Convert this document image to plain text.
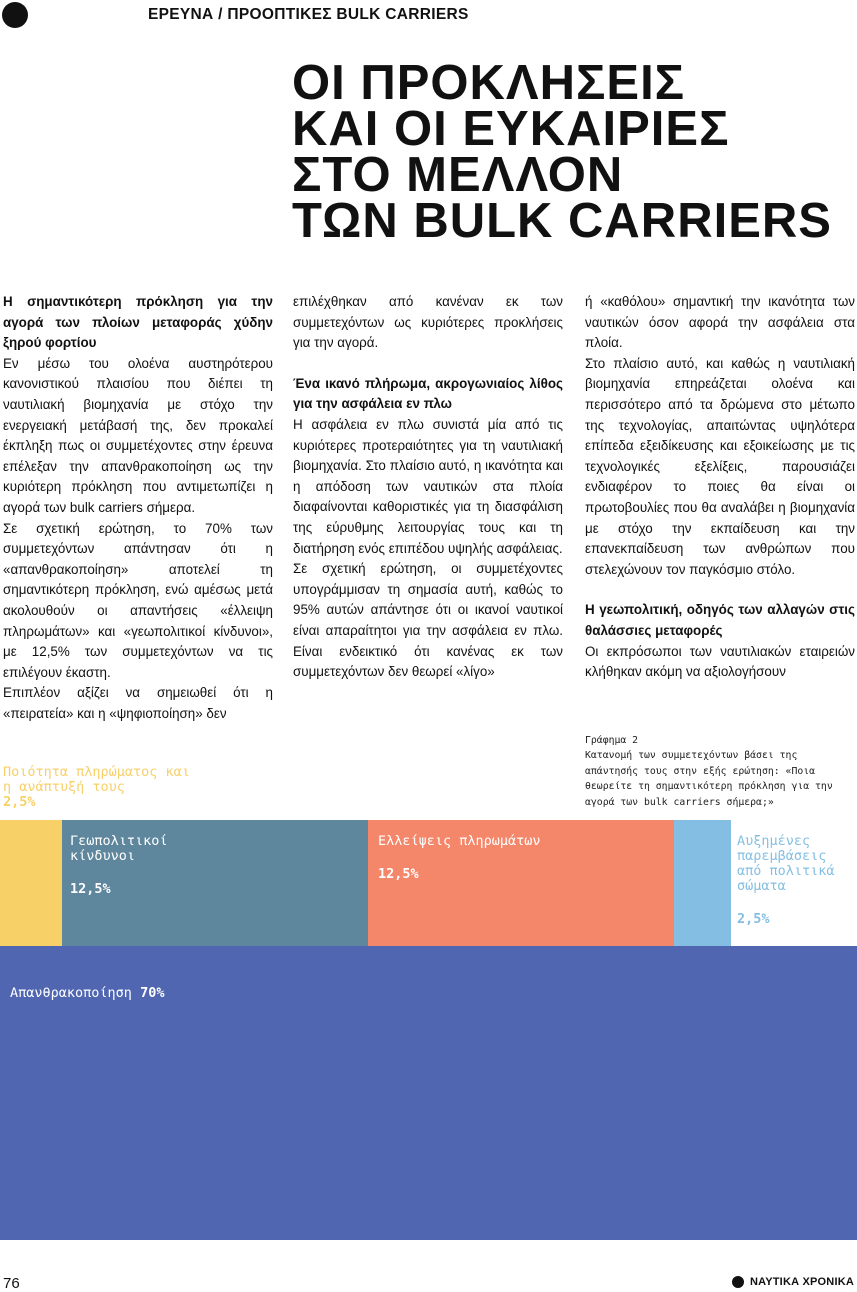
ΕΡΕΥΝΑ / ΠΡΟΟΠΤΙΚΕΣ BULK CARRIERS
ΟΙ ΠΡΟΚΛΗΣΕΙΣ
ΚΑΙ ΟΙ ΕΥΚΑΙΡΙΕΣ
ΣΤΟ ΜΕΛΛΟΝ
ΤΩΝ BULK CARRIERS

Η σημαντικότερη πρόκληση για την αγορά των πλοίων μεταφοράς χύδην ξηρού φορτίου

Εν μέσω του ολοένα αυστηρότερου κανονιστικού πλαισίου που διέπει τη ναυτιλιακή βιομηχανία με στόχο την ενεργειακή μετάβασή της, δεν προκαλεί έκπληξη πως οι συμμετέχοντες στην έρευνα επέλεξαν την απανθρακοποίηση ως την κυριότερη πρόκληση που αντιμετωπίζει η αγορά των bulk carriers σήμερα.

Σε σχετική ερώτηση, το 70% των συμμετεχόντων απάντησαν ότι η «απανθρακοποίηση» αποτελεί τη σημαντικότερη πρόκληση, ενώ αμέσως μετά ακολουθούν οι απαντήσεις «έλλειψη πληρωμάτων» και «γεωπολιτικοί κίνδυνοι», με 12,5% των συμμετεχόντων να τις επιλέγουν έκαστη.

Επιπλέον αξίζει να σημειωθεί ότι η «πειρατεία» και η «ψηφιοποίηση» δεν

επιλέχθηκαν από κανέναν εκ των συμμετεχόντων ως κυριότερες προκλήσεις για την αγορά.

Ένα ικανό πλήρωμα, ακρογωνιαίος λίθος για την ασφάλεια εν πλω

Η ασφάλεια εν πλω συνιστά μία από τις κυριότερες προτεραιότητες για τη ναυτιλιακή βιομηχανία. Στο πλαίσιο αυτό, η ικανότητα και η απόδοση των ναυτικών στα πλοία διαφαίνονται καθοριστικές για τη διασφάλιση της εύρυθμης λειτουργίας τους και τη διατήρηση ενός επιπέδου υψηλής ασφάλειας.

Σε σχετική ερώτηση, οι συμμετέχοντες υπογράμμισαν τη σημασία αυτή, καθώς το 95% αυτών απάντησε ότι οι ικανοί ναυτικοί είναι απαραίτητοι για την ασφάλεια εν πλω. Είναι ενδεικτικό ότι κανένας εκ των συμμετεχόντων δεν θεωρεί «λίγο»

ή «καθόλου» σημαντική την ικανότητα των ναυτικών όσον αφορά την ασφάλεια στα πλοία.

Στο πλαίσιο αυτό, και καθώς η ναυτιλιακή βιομηχανία επηρεάζεται ολοένα και περισσότερο από τα δρώμενα στο μέτωπο της τεχνολογίας, απαιτώντας υψηλότερα επίπεδα εξειδίκευσης και εξοικείωσης με τις τεχνολογικές εξελίξεις, παρουσιάζει ενδιαφέρον το ποιες θα είναι οι πρωτοβουλίες που θα αναλάβει η βιομηχανία με στόχο την εκπαίδευση και την επανεκπαίδευση των ανθρώπων που στελεχώνουν τον παγκόσμιο στόλο.

Η γεωπολιτική, οδηγός των αλλαγών στις θαλάσσιες μεταφορές

Οι εκπρόσωποι των ναυτιλιακών εταιρειών κλήθηκαν ακόμη να αξιολογήσουν

Γράφημα 2

Κατανομή των συμμετεχόντων βάσει της απάντησής τους στην εξής ερώτηση: «Ποια θεωρείτε τη σημαντικότερη πρόκληση για την αγορά των bulk carriers σήμερα;»

Ποιότητα πληρώματος και η ανάπτυξή τους
2,5%
Γεωπολιτικοί κίνδυνοι
12,5%
Ελλείψεις πληρωμάτων
12,5%
Αυξημένες παρεμβάσεις από πολιτικά σώματα
2,5%
Απανθρακοποίηση 70%
76	ΝΑΥΤΙΚΑ ΧΡΟΝΙΚΑ
